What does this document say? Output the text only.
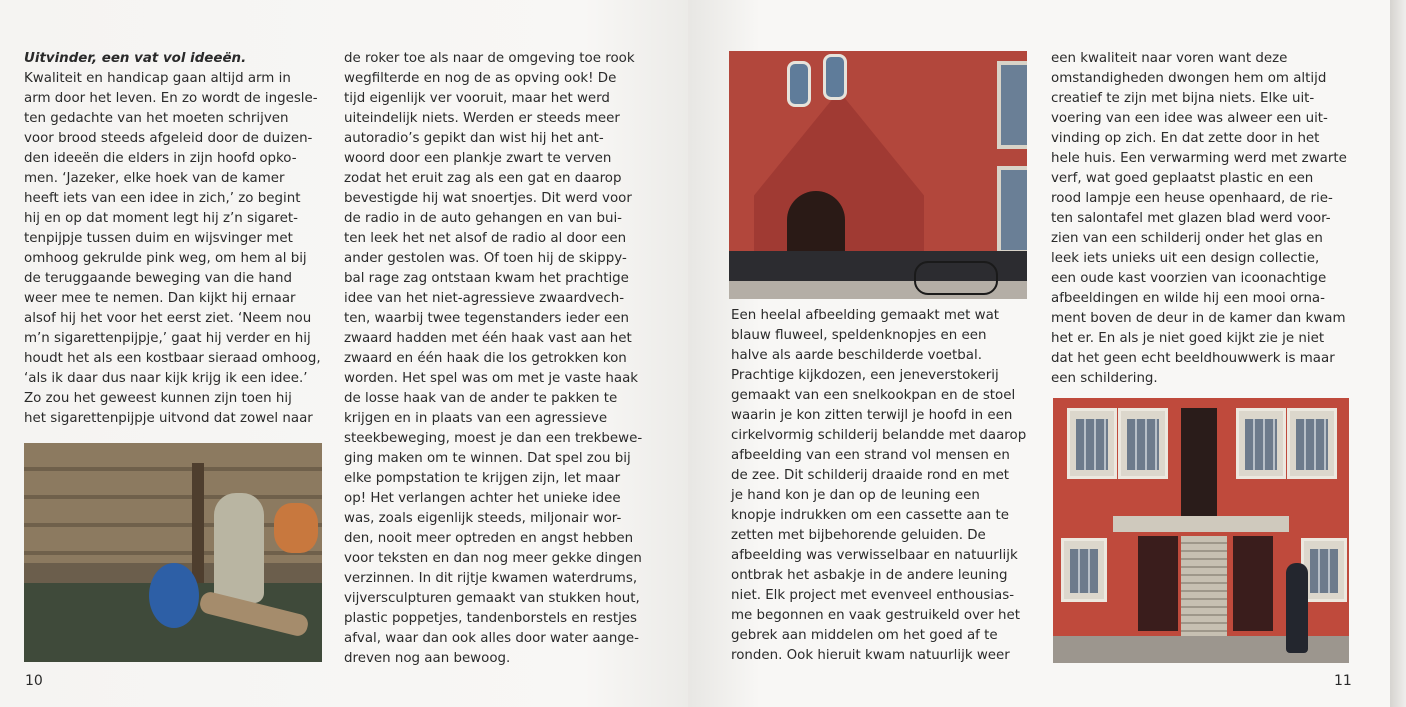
Uitvinder, een vat vol ideeën.
Kwaliteit en handicap gaan altijd arm in
arm door het leven. En zo wordt de ingesle-
ten gedachte van het moeten schrijven
voor brood steeds afgeleid door de duizen-
den ideeën die elders in zijn hoofd opko-
men. ‘Jazeker, elke hoek van de kamer
heeft iets van een idee in zich,’ zo begint
hij en op dat moment legt hij z’n sigaret-
tenpijpje tussen duim en wijsvinger met
omhoog gekrulde pink weg, om hem al bij
de teruggaande beweging van die hand
weer mee te nemen. Dan kijkt hij ernaar
alsof hij het voor het eerst ziet. ‘Neem nou
m’n sigarettenpijpje,’ gaat hij verder en hij
houdt het als een kostbaar sieraad omhoog,
‘als ik daar dus naar kijk krijg ik een idee.’
Zo zou het geweest kunnen zijn toen hij
het sigarettenpijpje uitvond dat zowel naar
de roker toe als naar de omgeving toe rook
wegfilterde en nog de as opving ook! De
tijd eigenlijk ver vooruit, maar het werd
uiteindelijk niets. Werden er steeds meer
autoradio’s gepikt dan wist hij het ant-
woord door een plankje zwart te verven
zodat het eruit zag als een gat en daarop
bevestigde hij wat snoertjes. Dit werd voor
de radio in de auto gehangen en van bui-
ten leek het net alsof de radio al door een
ander gestolen was. Of toen hij de skippy-
bal rage zag ontstaan kwam het prachtige
idee van het niet-agressieve zwaardvech-
ten, waarbij twee tegenstanders ieder een
zwaard hadden met één haak vast aan het
zwaard en één haak die los getrokken kon
worden. Het spel was om met je vaste haak
de losse haak van de ander te pakken te
krijgen en in plaats van een agressieve
steekbeweging, moest je dan een trekbewe-
ging maken om te winnen. Dat spel zou bij
elke pompstation te krijgen zijn, let maar
op! Het verlangen achter het unieke idee
was, zoals eigenlijk steeds, miljonair wor-
den, nooit meer optreden en angst hebben
voor teksten en dan nog meer gekke dingen
verzinnen. In dit rijtje kwamen waterdrums,
vijversculpturen gemaakt van stukken hout,
plastic poppetjes, tandenborstels en restjes
afval, waar dan ook alles door water aange-
dreven nog aan bewoog.
10	11
Een heelal afbeelding gemaakt met wat
blauw fluweel, speldenknopjes en een
halve als aarde beschilderde voetbal.
Prachtige kijkdozen, een jeneverstokerij
gemaakt van een snelkookpan en de stoel
waarin je kon zitten terwijl je hoofd in een
cirkelvormig schilderij belandde met daarop
afbeelding van een strand vol mensen en
de zee. Dit schilderij draaide rond en met
je hand kon je dan op de leuning een
knopje indrukken om een cassette aan te
zetten met bijbehorende geluiden. De
afbeelding was verwisselbaar en natuurlijk
ontbrak het asbakje in de andere leuning
niet. Elk project met evenveel enthousias-
me begonnen en vaak gestruikeld over het
gebrek aan middelen om het goed af te
ronden. Ook hieruit kwam natuurlijk weer
een kwaliteit naar voren want deze
omstandigheden dwongen hem om altijd
creatief te zijn met bijna niets. Elke uit-
voering van een idee was alweer een uit-
vinding op zich. En dat zette door in het
hele huis. Een verwarming werd met zwarte
verf, wat goed geplaatst plastic en een
rood lampje een heuse openhaard, de rie-
ten salontafel met glazen blad werd voor-
zien van een schilderij onder het glas en
leek iets unieks uit een design collectie,
een oude kast voorzien van icoonachtige
afbeeldingen en wilde hij een mooi orna-
ment boven de deur in de kamer dan kwam
het er. En als je niet goed kijkt zie je niet
dat het geen echt beeldhouwwerk is maar
een schildering.
